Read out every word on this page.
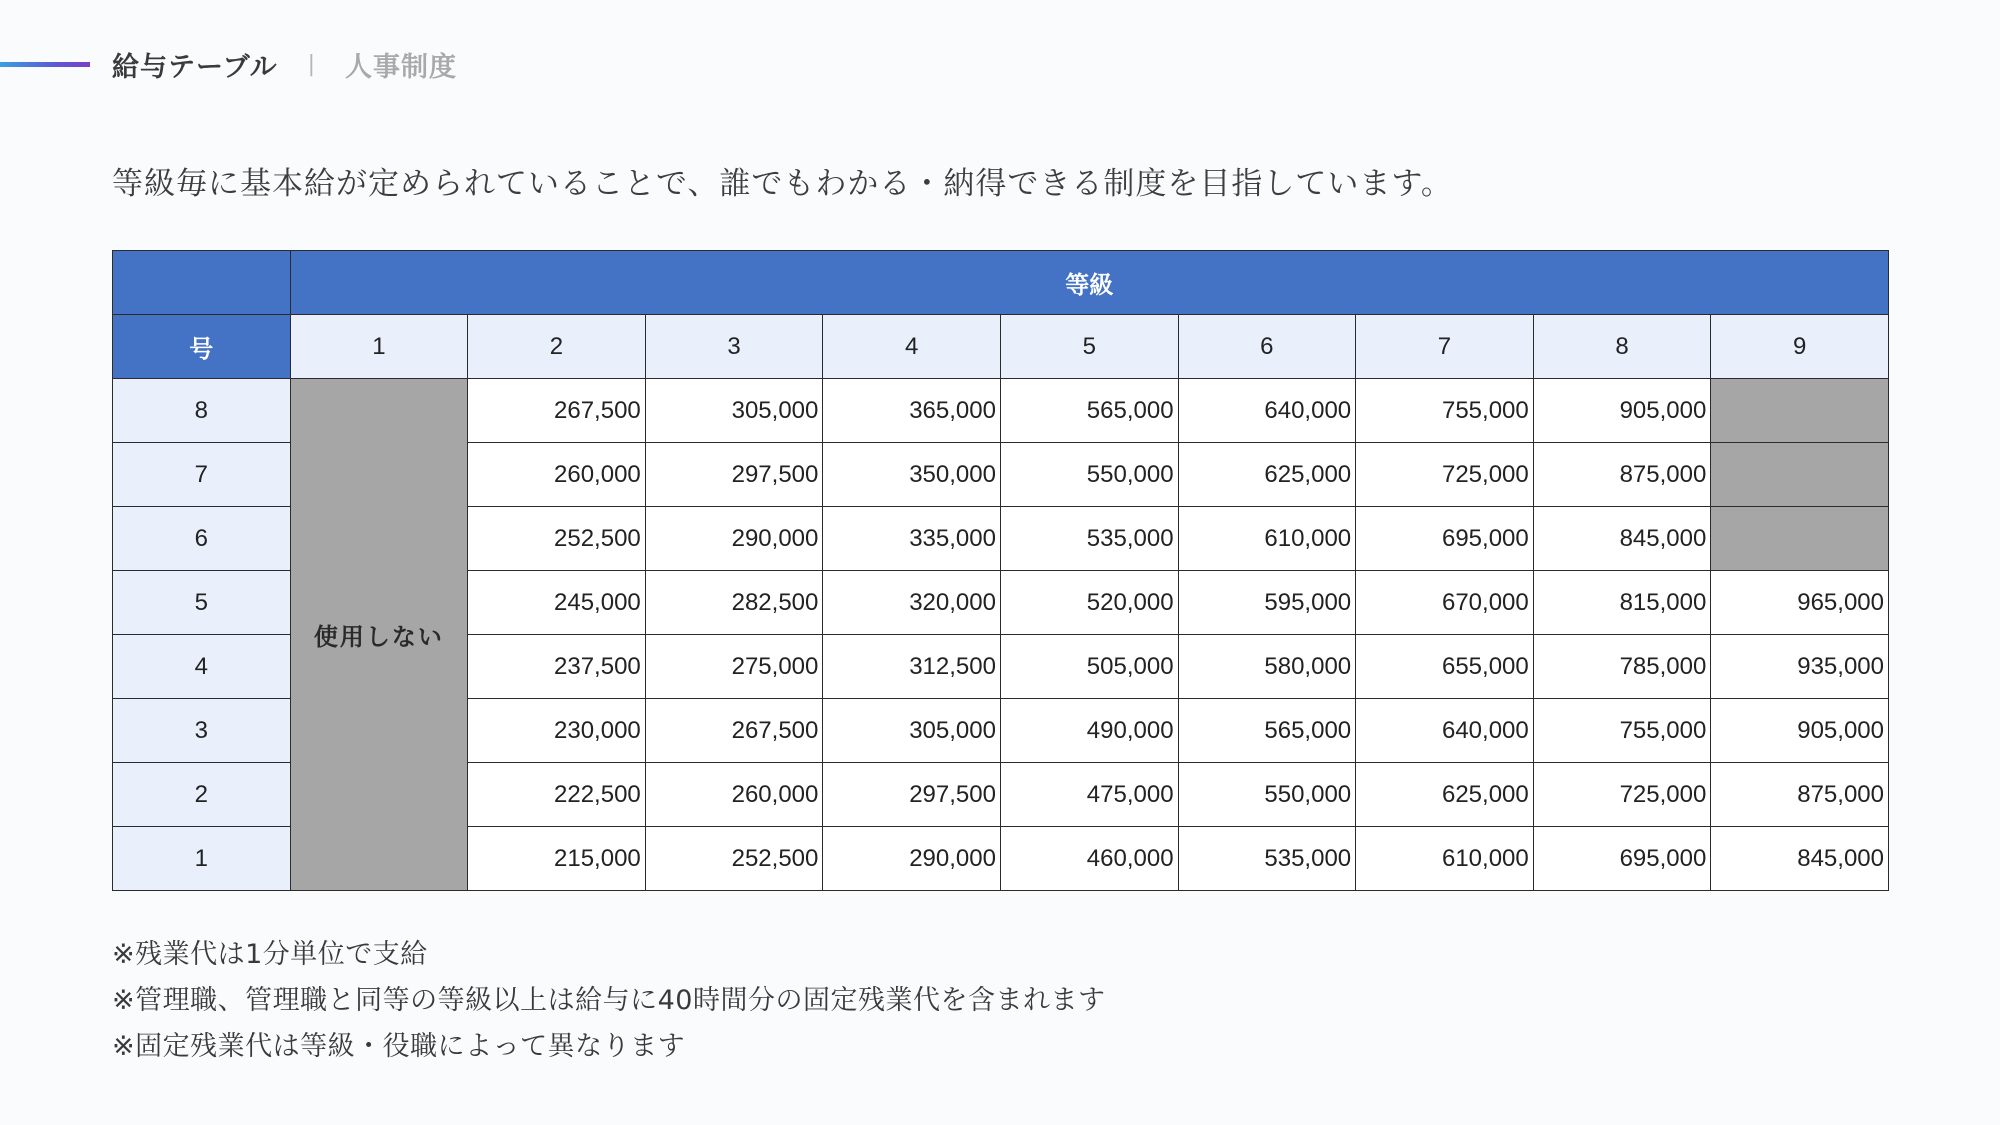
給与テーブル | 人事制度
等級毎に基本給が定められていることで、誰でもわかる・納得できる制度を目指しています。
	等級								
号	1	2	3	4	5	6	7	8	9
8	使用しない	267,500	305,000	365,000	565,000	640,000	755,000	905,000	
7		260,000	297,500	350,000	550,000	625,000	725,000	875,000	
6		252,500	290,000	335,000	535,000	610,000	695,000	845,000	
5		245,000	282,500	320,000	520,000	595,000	670,000	815,000	965,000
4		237,500	275,000	312,500	505,000	580,000	655,000	785,000	935,000
3		230,000	267,500	305,000	490,000	565,000	640,000	755,000	905,000
2		222,500	260,000	297,500	475,000	550,000	625,000	725,000	875,000
1		215,000	252,500	290,000	460,000	535,000	610,000	695,000	845,000
※残業代は1分単位で支給
※管理職、管理職と同等の等級以上は給与に40時間分の固定残業代を含まれます
※固定残業代は等級・役職によって異なります
